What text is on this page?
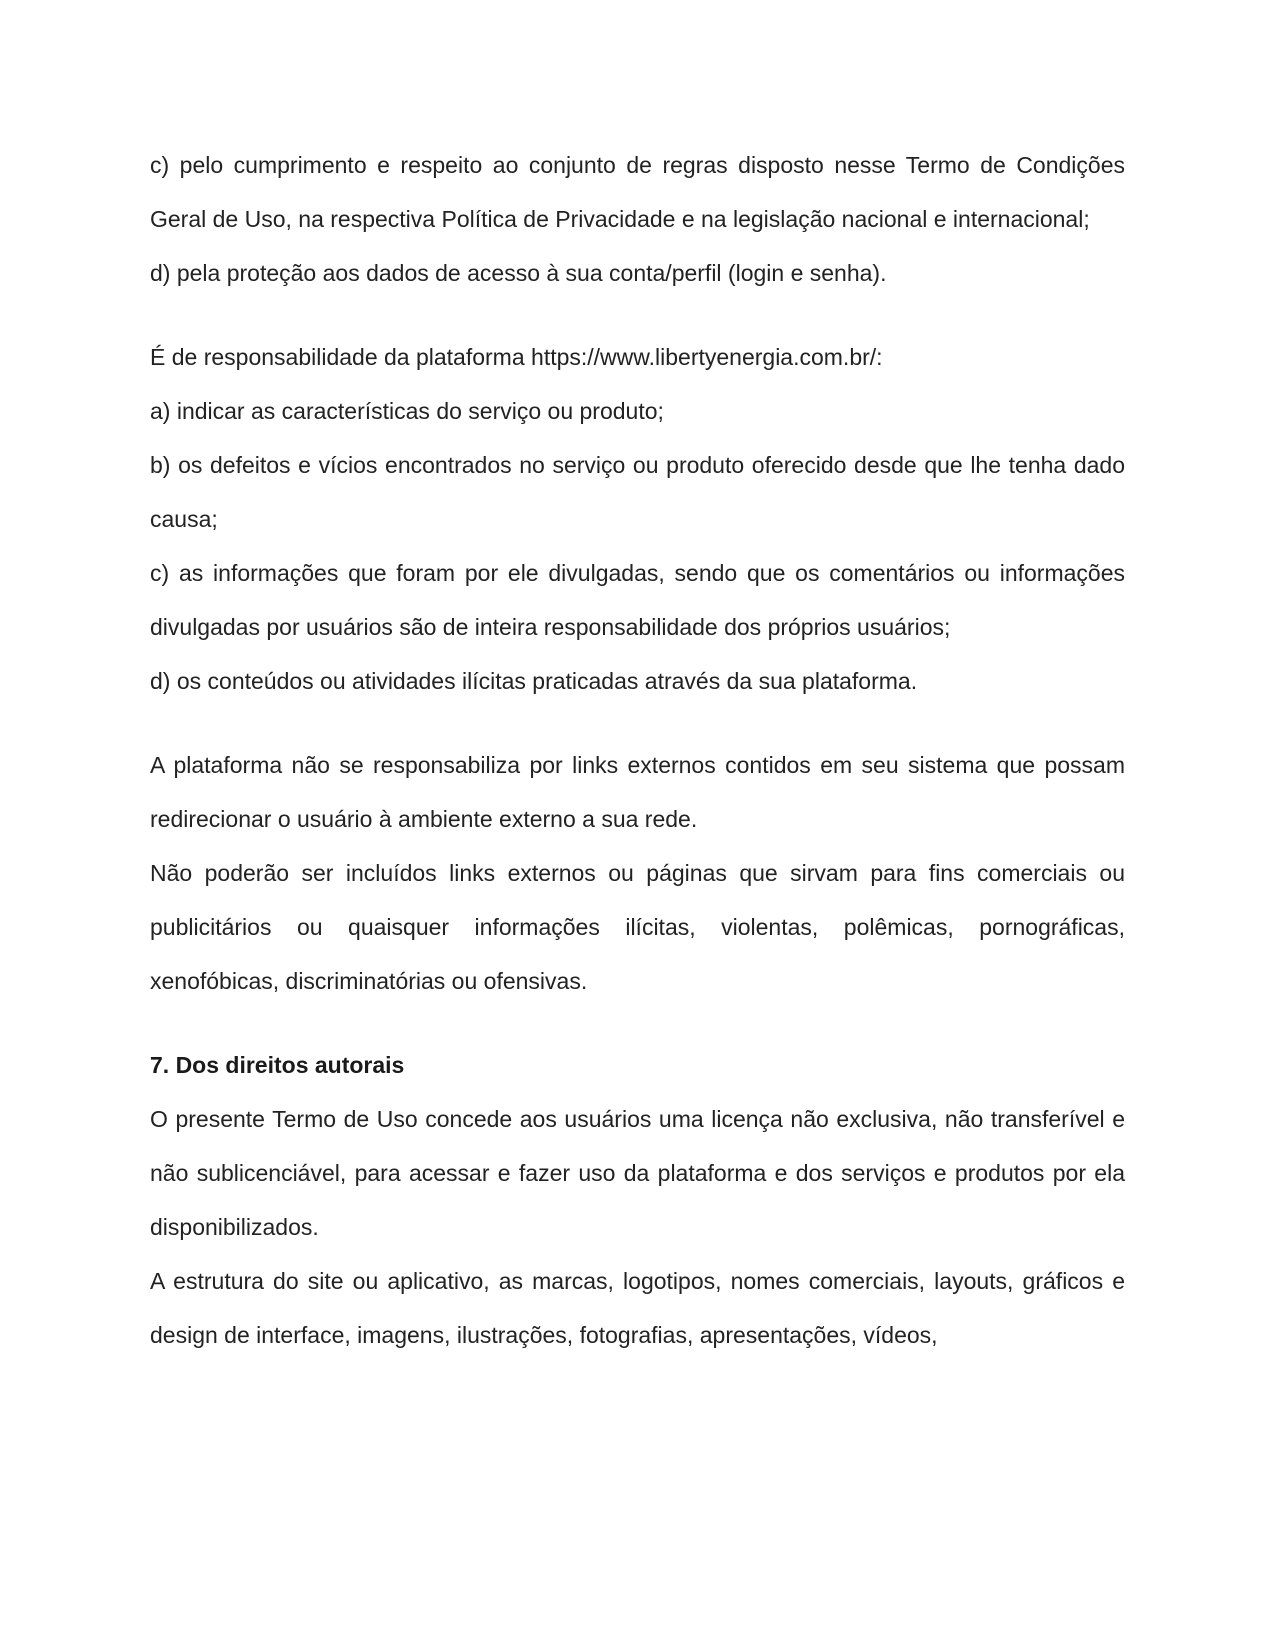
c) pelo cumprimento e respeito ao conjunto de regras disposto nesse Termo de Condições Geral de Uso, na respectiva Política de Privacidade e na legislação nacional e internacional;

d) pela proteção aos dados de acesso à sua conta/perfil (login e senha).

É de responsabilidade da plataforma https://www.libertyenergia.com.br/:

a) indicar as características do serviço ou produto;

b) os defeitos e vícios encontrados no serviço ou produto oferecido desde que lhe tenha dado causa;

c) as informações que foram por ele divulgadas, sendo que os comentários ou informações divulgadas por usuários são de inteira responsabilidade dos próprios usuários;

d) os conteúdos ou atividades ilícitas praticadas através da sua plataforma.

A plataforma não se responsabiliza por links externos contidos em seu sistema que possam redirecionar o usuário à ambiente externo a sua rede.

Não poderão ser incluídos links externos ou páginas que sirvam para fins comerciais ou publicitários ou quaisquer informações ilícitas, violentas, polêmicas, pornográficas, xenofóbicas, discriminatórias ou ofensivas.

7. Dos direitos autorais

O presente Termo de Uso concede aos usuários uma licença não exclusiva, não transferível e não sublicenciável, para acessar e fazer uso da plataforma e dos serviços e produtos por ela disponibilizados.

A estrutura do site ou aplicativo, as marcas, logotipos, nomes comerciais, layouts, gráficos e design de interface, imagens, ilustrações, fotografias, apresentações, vídeos,
